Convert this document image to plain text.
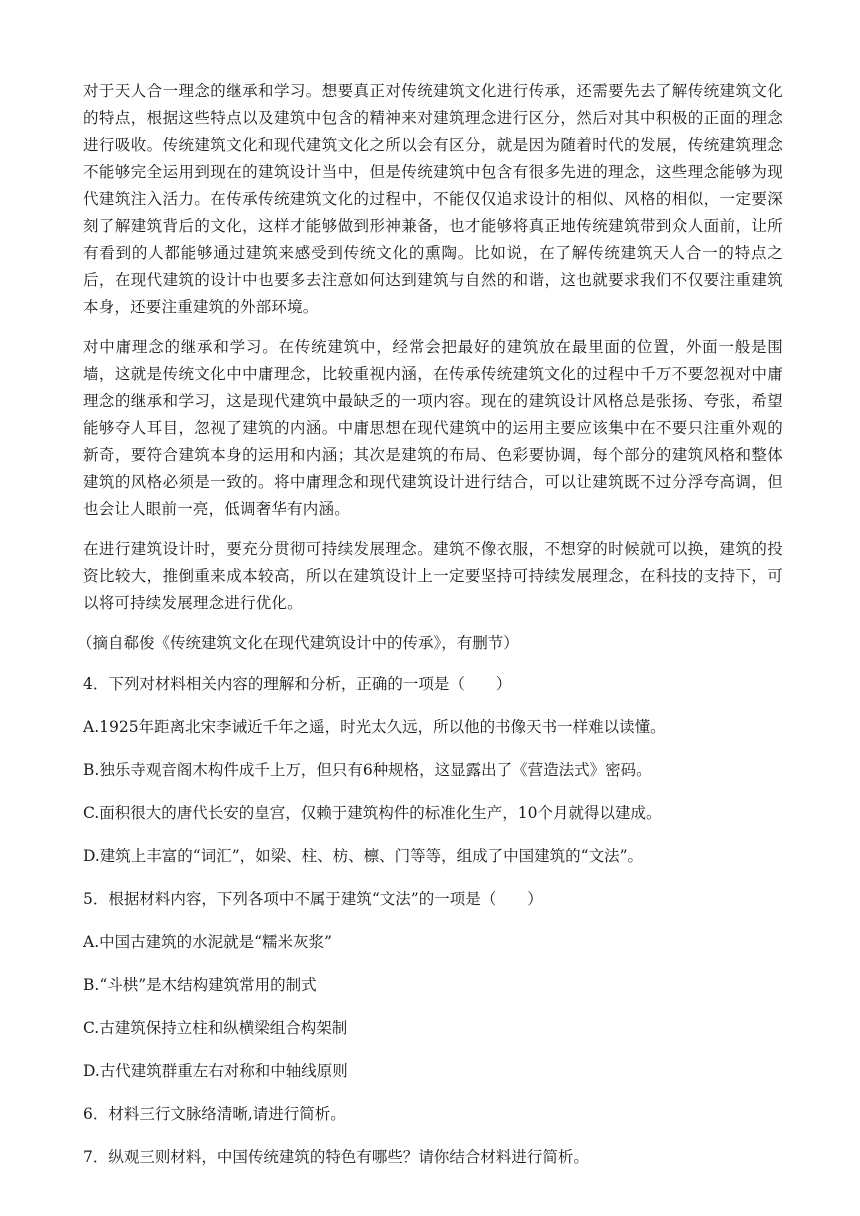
对于天人合一理念的继承和学习。想要真正对传统建筑文化进行传承，还需要先去了解传统建筑文化的特点，根据这些特点以及建筑中包含的精神来对建筑理念进行区分，然后对其中积极的正面的理念进行吸收。传统建筑文化和现代建筑文化之所以会有区分，就是因为随着时代的发展，传统建筑理念不能够完全运用到现在的建筑设计当中，但是传统建筑中包含有很多先进的理念，这些理念能够为现代建筑注入活力。在传承传统建筑文化的过程中，不能仅仅追求设计的相似、风格的相似，一定要深刻了解建筑背后的文化，这样才能够做到形神兼备，也才能够将真正地传统建筑带到众人面前，让所有看到的人都能够通过建筑来感受到传统文化的熏陶。比如说，在了解传统建筑天人合一的特点之后，在现代建筑的设计中也要多去注意如何达到建筑与自然的和谐，这也就要求我们不仅要注重建筑本身，还要注重建筑的外部环境。

对中庸理念的继承和学习。在传统建筑中，经常会把最好的建筑放在最里面的位置，外面一般是围墙，这就是传统文化中中庸理念，比较重视内涵，在传承传统建筑文化的过程中千万不要忽视对中庸理念的继承和学习，这是现代建筑中最缺乏的一项内容。现在的建筑设计风格总是张扬、夸张，希望能够夺人耳目，忽视了建筑的内涵。中庸思想在现代建筑中的运用主要应该集中在不要只注重外观的新奇，要符合建筑本身的运用和内涵；其次是建筑的布局、色彩要协调，每个部分的建筑风格和整体建筑的风格必须是一致的。将中庸理念和现代建筑设计进行结合，可以让建筑既不过分浮夸高调，但也会让人眼前一亮，低调奢华有内涵。

在进行建筑设计时，要充分贯彻可持续发展理念。建筑不像衣服，不想穿的时候就可以换，建筑的投资比较大，推倒重来成本较高，所以在建筑设计上一定要坚持可持续发展理念，在科技的支持下，可以将可持续发展理念进行优化。

（摘自郗俊《传统建筑文化在现代建筑设计中的传承》，有删节）

4．下列对材料相关内容的理解和分析，正确的一项是（　　）

A.1925年距离北宋李诫近千年之遥，时光太久远，所以他的书像天书一样难以读懂。

B.独乐寺观音阁木构件成千上万，但只有6种规格，这显露出了《营造法式》密码。

C.面积很大的唐代长安的皇宫，仅赖于建筑构件的标准化生产，10个月就得以建成。

D.建筑上丰富的“词汇”，如梁、柱、枋、檩、门等等，组成了中国建筑的“文法”。

5．根据材料内容，下列各项中不属于建筑“文法”的一项是（　　）

A.中国古建筑的水泥就是“糯米灰浆”

B.“斗栱”是木结构建筑常用的制式

C.古建筑保持立柱和纵横梁组合构架制

D.古代建筑群重左右对称和中轴线原则

6．材料三行文脉络清晰,请进行简析。

7．纵观三则材料，中国传统建筑的特色有哪些？请你结合材料进行简析。
